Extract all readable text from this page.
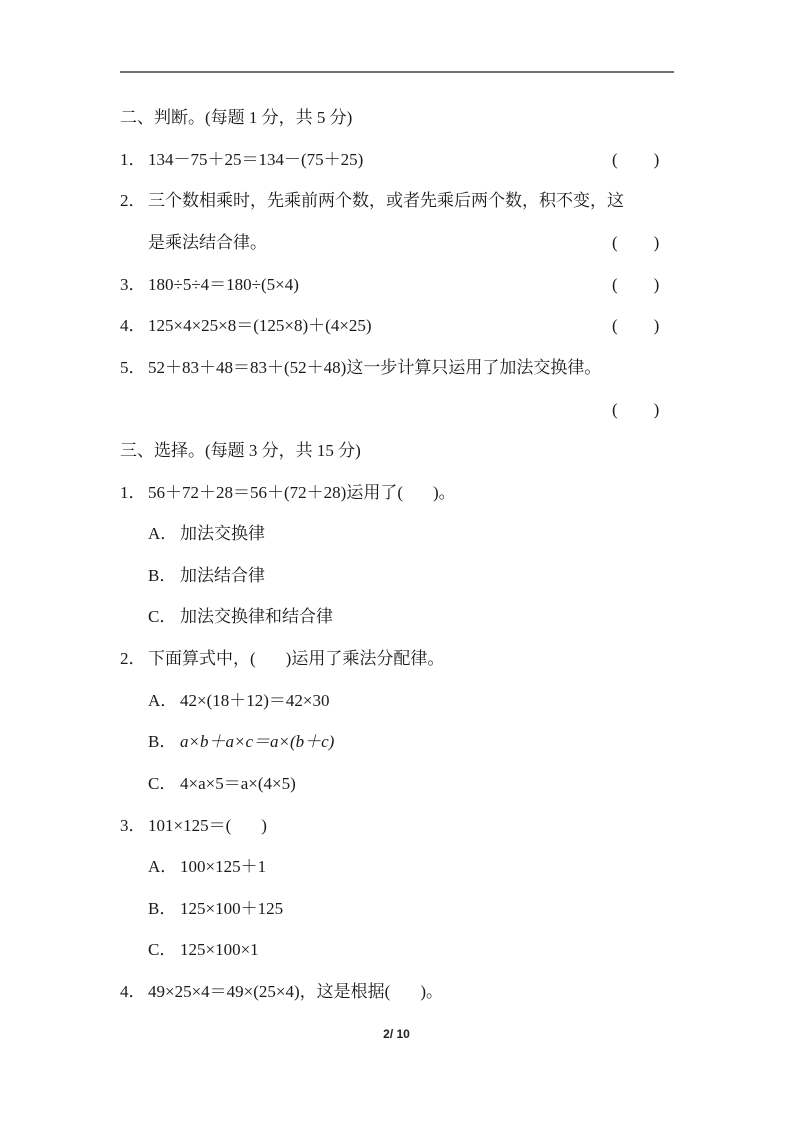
二、判断。(每题 1 分，共 5 分)
1． 134－75＋25＝134－(75＋25)	( )
2． 三个数相乘时，先乘前两个数，或者先乘后两个数，积不变，这
是乘法结合律。	( )
3． 180÷5÷4＝180÷(5×4)	( )
4． 125×4×25×8＝(125×8)＋(4×25)	( )
5． 52＋83＋48＝83＋(52＋48)这一步计算只运用了加法交换律。
( )
三、选择。(每题 3 分，共 15 分)
1． 56＋72＋28＝56＋(72＋28)运用了( )。
A． 加法交换律
B． 加法结合律
C． 加法交换律和结合律
2． 下面算式中，( )运用了乘法分配律。
A． 42×(18＋12)＝42×30
B． a×b＋a×c＝a×(b＋c)
C． 4×a×5＝a×(4×5)
3． 101×125＝( )
A． 100×125＋1
B． 125×100＋125
C． 125×100×1
4． 49×25×4＝49×(25×4)，这是根据( )。
2/ 10
